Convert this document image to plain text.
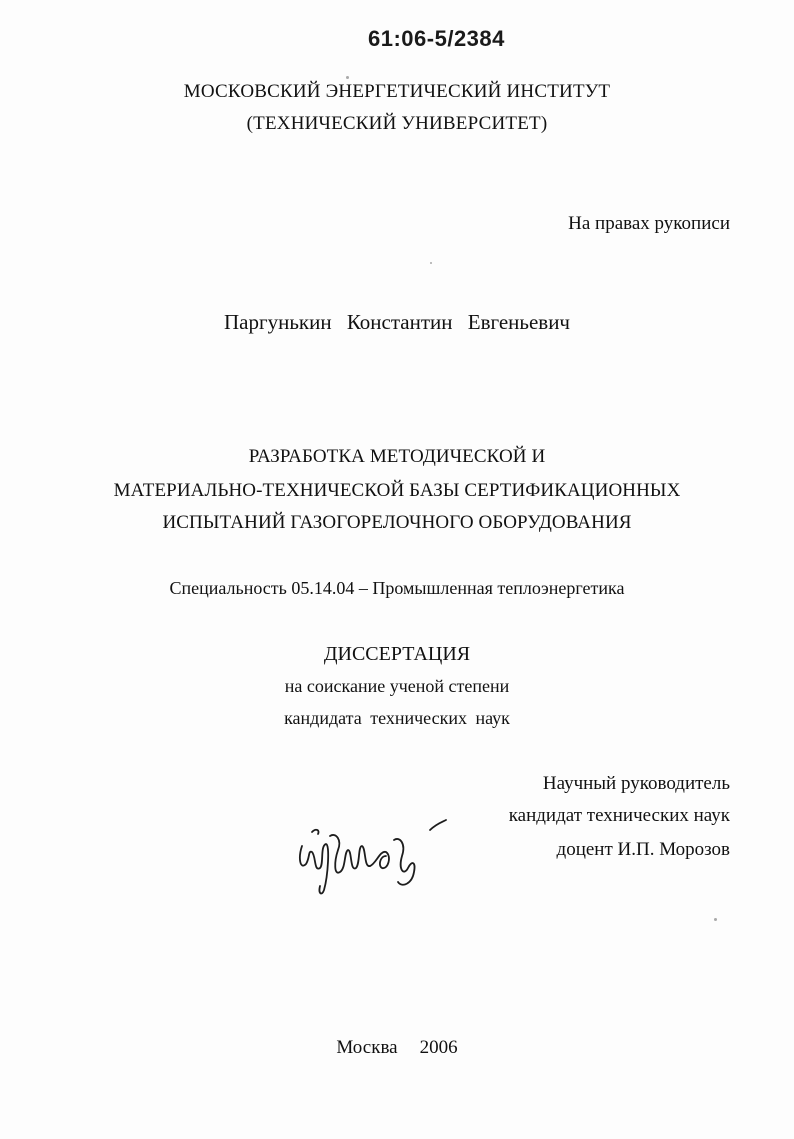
61:06-5/2384
МОСКОВСКИЙ ЭНЕРГЕТИЧЕСКИЙ ИНСТИТУТ
(ТЕХНИЧЕСКИЙ УНИВЕРСИТЕТ)
На правах рукописи
Паргунькин Константин Евгеньевич
РАЗРАБОТКА МЕТОДИЧЕСКОЙ И
МАТЕРИАЛЬНО-ТЕХНИЧЕСКОЙ БАЗЫ СЕРТИФИКАЦИОННЫХ
ИСПЫТАНИЙ ГАЗОГОРЕЛОЧНОГО ОБОРУДОВАНИЯ
Специальность 05.14.04 – Промышленная теплоэнергетика
ДИССЕРТАЦИЯ
на соискание ученой степени
кандидата технических наук
Научный руководитель
кандидат технических наук
доцент И.П. Морозов
Москва 2006
